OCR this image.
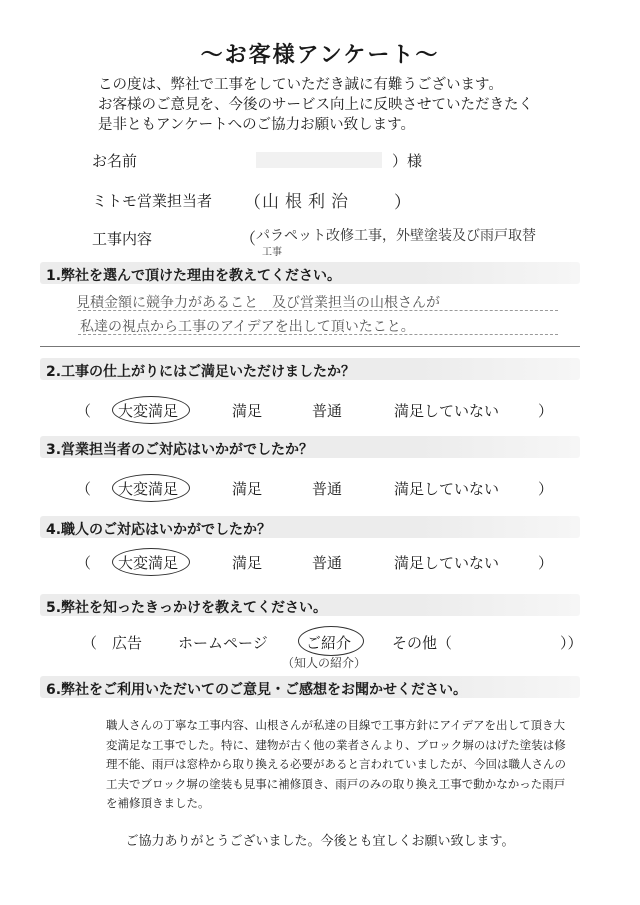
～お客様アンケート～
この度は、弊社で工事をしていただき誠に有難うございます。
お客様のご意見を、今後のサービス向上に反映させていただきたく
是非ともアンケートへのご協力お願い致します。
お名前	）様
ミトモ営業担当者 （ 山根利治 ）
工事内容	（ パラペット改修工事，外壁塗装及び雨戸取替
工事
1.弊社を選んで頂けた理由を教えてください。
見積金額に競争力があること　及び営業担当の山根さんが
私達の視点から工事のアイデアを出して頂いたこと。
2.工事の仕上がりにはご満足いただけましたか？
（ 大変満足	満足	普通	満足していない	）
3.営業担当者のご対応はいかがでしたか？
（ 大変満足	満足	普通	満足していない	）
4.職人のご対応はいかがでしたか？
（ 大変満足	満足	普通	満足していない	）
5.弊社を知ったきっかけを教えてください。
（ 広告 ホームページ	ご紹介	その他（	））
（知人の紹介）
6.弊社をご利用いただいてのご意見・ご感想をお聞かせください。
職人さんの丁寧な工事内容、山根さんが私達の目線で工事方針にアイデアを出して頂き大変満足な工事でした。特に、建物が古く他の業者さんより、ブロック塀のはげた塗装は修理不能、雨戸は窓枠から取り換える必要があると言われていましたが、今回は職人さんの工夫でブロック塀の塗装も見事に補修頂き、雨戸のみの取り換え工事で動かなかった雨戸を補修頂きました。
ご協力ありがとうございました。今後とも宜しくお願い致します。
